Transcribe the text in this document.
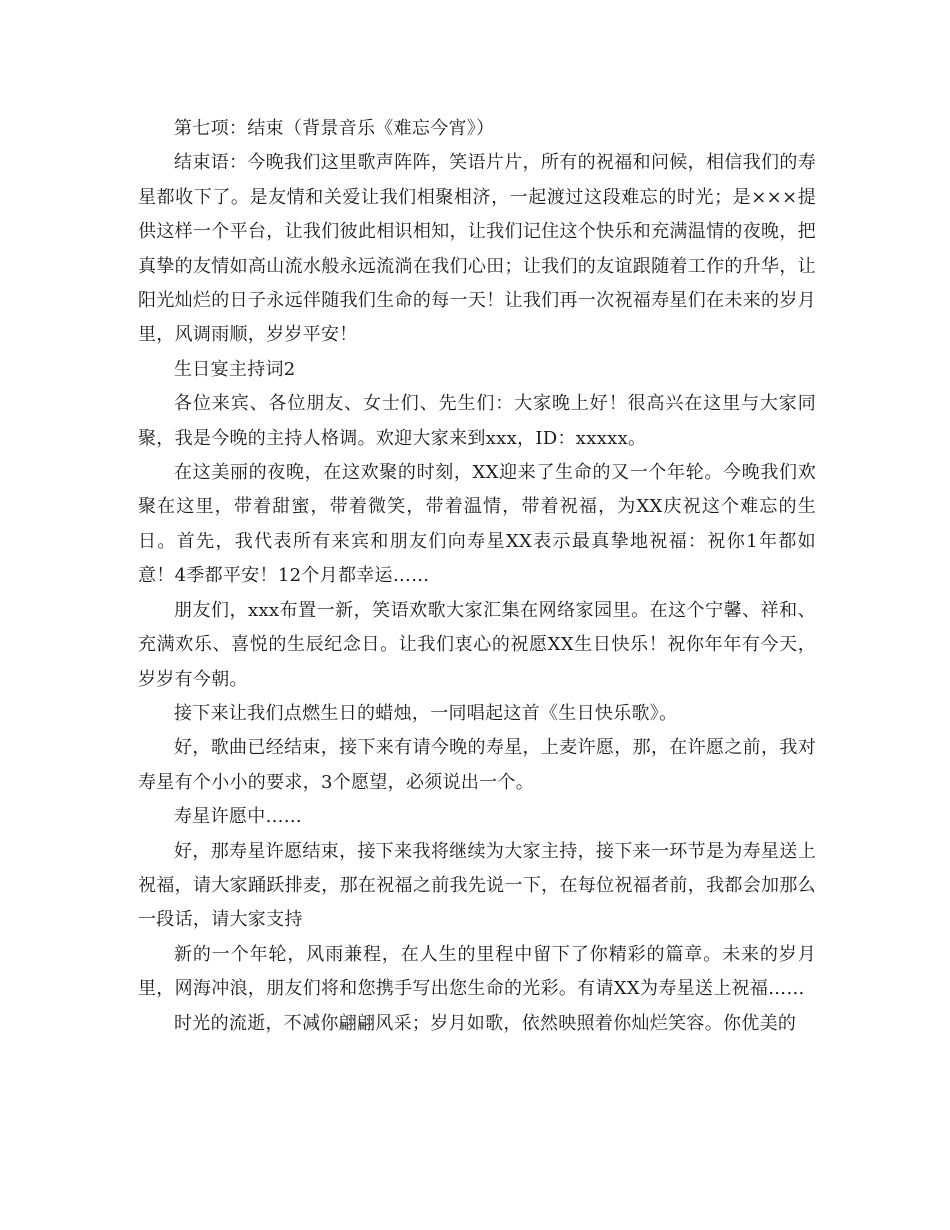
第七项：结束（背景音乐《难忘今宵》）

结束语：今晚我们这里歌声阵阵，笑语片片，所有的祝福和问候，相信我们的寿星都收下了。是友情和关爱让我们相聚相济，一起渡过这段难忘的时光；是×××提供这样一个平台，让我们彼此相识相知，让我们记住这个快乐和充满温情的夜晚，把真挚的友情如高山流水般永远流淌在我们心田；让我们的友谊跟随着工作的升华，让阳光灿烂的日子永远伴随我们生命的每一天！让我们再一次祝福寿星们在未来的岁月里，风调雨顺，岁岁平安！

生日宴主持词2

各位来宾、各位朋友、女士们、先生们：大家晚上好！很高兴在这里与大家同聚，我是今晚的主持人格调。欢迎大家来到xxx，ID：xxxxx。

在这美丽的夜晚，在这欢聚的时刻，XX迎来了生命的又一个年轮。今晚我们欢聚在这里，带着甜蜜，带着微笑，带着温情，带着祝福，为XX庆祝这个难忘的生日。首先，我代表所有来宾和朋友们向寿星XX表示最真挚地祝福：祝你1年都如意！4季都平安！12个月都幸运……

朋友们，xxx布置一新，笑语欢歌大家汇集在网络家园里。在这个宁馨、祥和、充满欢乐、喜悦的生辰纪念日。让我们衷心的祝愿XX生日快乐！祝你年年有今天，岁岁有今朝。

接下来让我们点燃生日的蜡烛，一同唱起这首《生日快乐歌》。

好，歌曲已经结束，接下来有请今晚的寿星，上麦许愿，那，在许愿之前，我对寿星有个小小的要求，3个愿望，必须说出一个。

寿星许愿中……

好，那寿星许愿结束，接下来我将继续为大家主持，接下来一环节是为寿星送上祝福，请大家踊跃排麦，那在祝福之前我先说一下，在每位祝福者前，我都会加那么一段话，请大家支持

新的一个年轮，风雨兼程，在人生的里程中留下了你精彩的篇章。未来的岁月里，网海冲浪，朋友们将和您携手写出您生命的光彩。有请XX为寿星送上祝福……

时光的流逝，不减你翩翩风采；岁月如歌，依然映照着你灿烂笑容。你优美的
